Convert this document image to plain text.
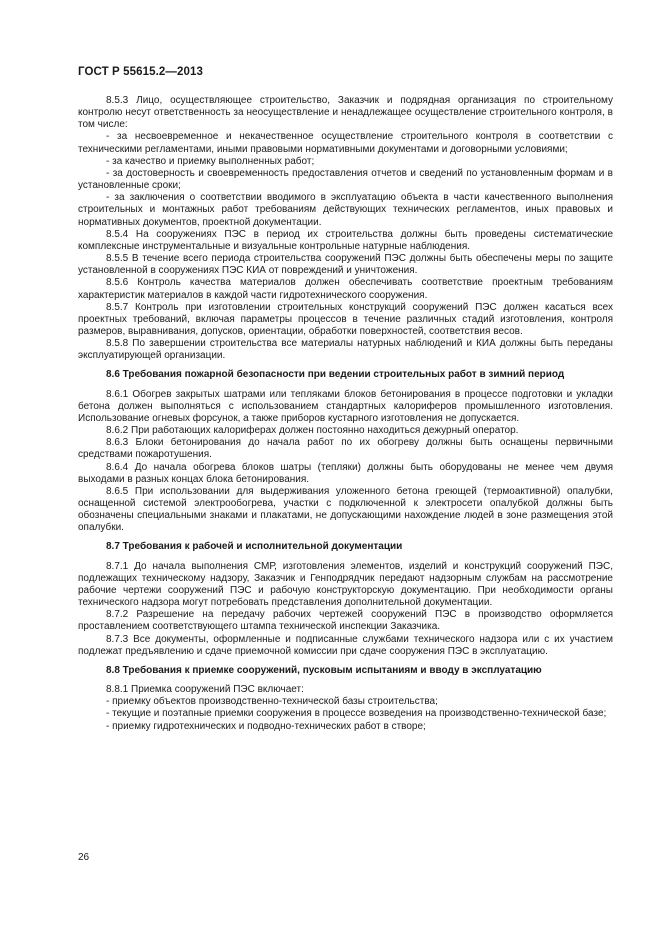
ГОСТ Р 55615.2—2013

8.5.3 Лицо, осуществляющее строительство, Заказчик и подрядная организация по строительному контролю несут ответственность за неосуществление и ненадлежащее осуществление строительного контроля, в том числе:

- за несвоевременное и некачественное осуществление строительного контроля в соответствии с техническими регламентами, иными правовыми нормативными документами и договорными условиями;

- за качество и приемку выполненных работ;

- за достоверность и своевременность предоставления отчетов и сведений по установленным формам и в установленные сроки;

- за заключения о соответствии вводимого в эксплуатацию объекта в части качественного выполнения строительных и монтажных работ требованиям действующих технических регламентов, иных правовых и нормативных документов, проектной документации.

8.5.4 На сооружениях ПЭС в период их строительства должны быть проведены систематические комплексные инструментальные и визуальные контрольные натурные наблюдения.

8.5.5 В течение всего периода строительства сооружений ПЭС должны быть обеспечены меры по защите установленной в сооружениях ПЭС КИА от повреждений и уничтожения.

8.5.6 Контроль качества материалов должен обеспечивать соответствие проектным требованиям характеристик материалов в каждой части гидротехнического сооружения.

8.5.7 Контроль при изготовлении строительных конструкций сооружений ПЭС должен касаться всех проектных требований, включая параметры процессов в течение различных стадий изготовления, контроля размеров, выравнивания, допусков, ориентации, обработки поверхностей, соответствия весов.

8.5.8 По завершении строительства все материалы натурных наблюдений и КИА должны быть переданы эксплуатирующей организации.

8.6 Требования пожарной безопасности при ведении строительных работ в зимний период

8.6.1 Обогрев закрытых шатрами или тепляками блоков бетонирования в процессе подготовки и укладки бетона должен выполняться с использованием стандартных калориферов промышленного изготовления. Использование огневых форсунок, а также приборов кустарного изготовления не допускается.

8.6.2 При работающих калориферах должен постоянно находиться дежурный оператор.

8.6.3 Блоки бетонирования до начала работ по их обогреву должны быть оснащены первичными средствами пожаротушения.

8.6.4 До начала обогрева блоков шатры (тепляки) должны быть оборудованы не менее чем двумя выходами в разных концах блока бетонирования.

8.6.5 При использовании для выдерживания уложенного бетона греющей (термоактивной) опалубки, оснащенной системой электрообогрева, участки с подключенной к электросети опалубкой должны быть обозначены специальными знаками и плакатами, не допускающими нахождение людей в зоне размещения этой опалубки.

8.7 Требования к рабочей и исполнительной документации

8.7.1 До начала выполнения СМР, изготовления элементов, изделий и конструкций сооружений ПЭС, подлежащих техническому надзору, Заказчик и Генподрядчик передают надзорным службам на рассмотрение рабочие чертежи сооружений ПЭС и рабочую конструкторскую документацию. При необходимости органы технического надзора могут потребовать представления дополнительной документации.

8.7.2 Разрешение на передачу рабочих чертежей сооружений ПЭС в производство оформляется проставлением соответствующего штампа технической инспекции Заказчика.

8.7.3 Все документы, оформленные и подписанные службами технического надзора или с их участием подлежат предъявлению и сдаче приемочной комиссии при сдаче сооружения ПЭС в эксплуатацию.

8.8 Требования к приемке сооружений, пусковым испытаниям и вводу в эксплуатацию

8.8.1 Приемка сооружений ПЭС включает:

- приемку объектов производственно-технической базы строительства;

- текущие и поэтапные приемки сооружения в процессе возведения на производственно-технической базе;

- приемку гидротехнических и подводно-технических работ в створе;

26
